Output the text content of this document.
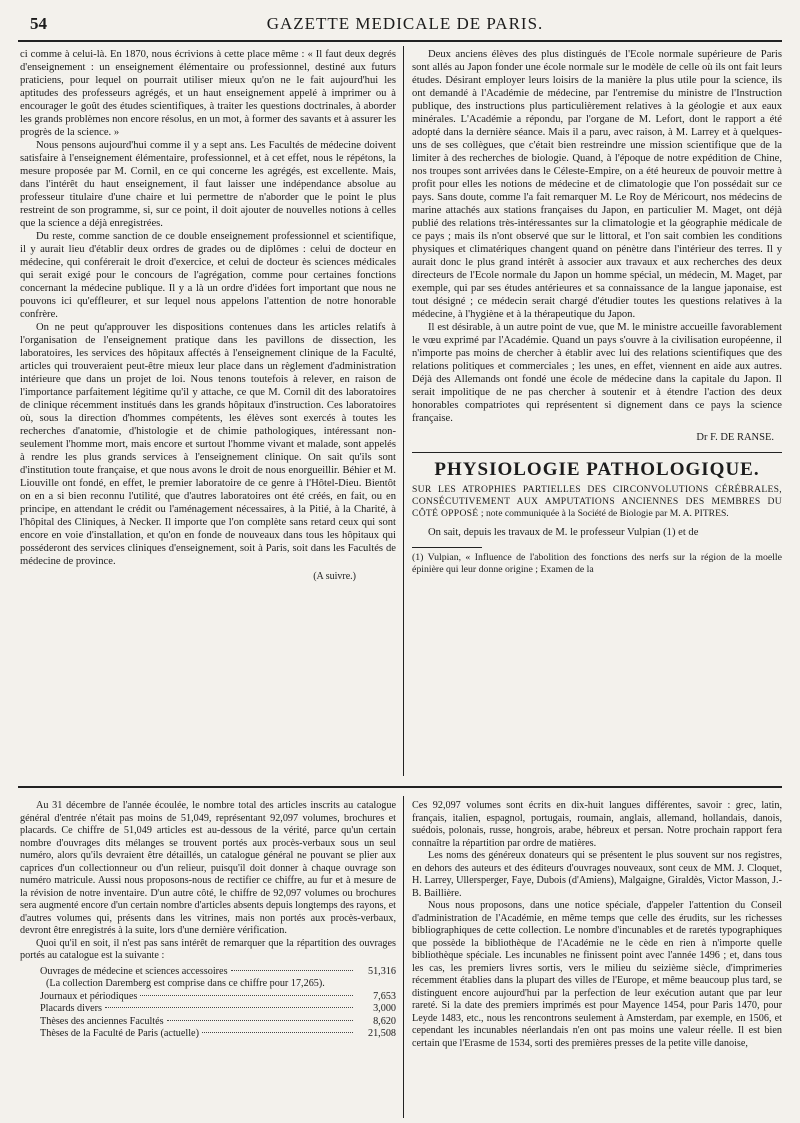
54	GAZETTE MEDICALE DE PARIS.

ci comme à celui-là. En 1870, nous écrivions à cette place même : « Il faut deux degrés d'enseignement : un enseignement élémentaire ou professionnel, destiné aux futurs praticiens, pour lequel on pourrait utiliser mieux qu'on ne le fait aujourd'hui les aptitudes des professeurs agrégés, et un haut enseignement appelé à imprimer ou à encourager le goût des études scientifiques, à traiter les questions doctrinales, à aborder les grands problèmes non encore résolus, en un mot, à former des savants et à assurer les progrès de la science. »

Nous pensons aujourd'hui comme il y a sept ans. Les Facultés de médecine doivent satisfaire à l'enseignement élémentaire, professionnel, et à cet effet, nous le répétons, la mesure proposée par M. Cornil, en ce qui concerne les agrégés, est excellente. Mais, dans l'intérêt du haut enseignement, il faut laisser une indépendance absolue au professeur titulaire d'une chaire et lui permettre de n'aborder que le point le plus restreint de son programme, si, sur ce point, il doit ajouter de nouvelles notions à celles que la science a déjà enregistrées.

Du reste, comme sanction de ce double enseignement professionnel et scientifique, il y aurait lieu d'établir deux ordres de grades ou de diplômes : celui de docteur en médecine, qui conférerait le droit d'exercice, et celui de docteur ès sciences médicales qui serait exigé pour le concours de l'agrégation, comme pour certaines fonctions concernant la médecine publique. Il y a là un ordre d'idées fort important que nous ne pouvons ici qu'effleurer, et sur lequel nous appelons l'attention de notre honorable confrère.

On ne peut qu'approuver les dispositions contenues dans les articles relatifs à l'organisation de l'enseignement pratique dans les pavillons de dissection, les laboratoires, les services des hôpitaux affectés à l'enseignement clinique de la Faculté, articles qui trouveraient peut-être mieux leur place dans un règlement d'administration intérieure que dans un projet de loi. Nous tenons toutefois à relever, en raison de l'importance parfaitement légitime qu'il y attache, ce que M. Cornil dit des laboratoires de clinique récemment institués dans les grands hôpitaux d'instruction. Ces laboratoires où, sous la direction d'hommes compétents, les élèves sont exercés à toutes les recherches d'anatomie, d'histologie et de chimie pathologiques, intéressant non-seulement l'homme mort, mais encore et surtout l'homme vivant et malade, sont appelés à rendre les plus grands services à l'enseignement clinique. On sait qu'ils sont d'institution toute française, et que nous avons le droit de nous enorgueillir. Béhier et M. Liouville ont fondé, en effet, le premier laboratoire de ce genre à l'Hôtel-Dieu. Bientôt on en a si bien reconnu l'utilité, que d'autres laboratoires ont été créés, en fait, ou en principe, en attendant le crédit ou l'aménagement nécessaires, à la Pitié, à la Charité, à l'hôpital des Cliniques, à Necker. Il importe que l'on complète sans retard ceux qui sont encore en voie d'installation, et qu'on en fonde de nouveaux dans tous les hôpitaux qui posséderont des services cliniques d'enseignement, soit à Paris, soit dans les Facultés de médecine de province.

(A suivre.)

Deux anciens élèves des plus distingués de l'Ecole normale supérieure de Paris sont allés au Japon fonder une école normale sur le modèle de celle où ils ont fait leurs études. Désirant employer leurs loisirs de la manière la plus utile pour la science, ils ont demandé à l'Académie de médecine, par l'entremise du ministre de l'Instruction publique, des instructions plus particulièrement relatives à la géologie et aux eaux minérales. L'Académie a répondu, par l'organe de M. Lefort, dont le rapport a été adopté dans la dernière séance. Mais il a paru, avec raison, à M. Larrey et à quelques-uns de ses collègues, que c'était bien restreindre une mission scientifique que de la limiter à des recherches de biologie. Quand, à l'époque de notre expédition de Chine, nos troupes sont arrivées dans le Céleste-Empire, on a été heureux de pouvoir mettre à profit pour elles les notions de médecine et de climatologie que l'on possédait sur ce pays. Sans doute, comme l'a fait remarquer M. Le Roy de Méricourt, nos médecins de marine attachés aux stations françaises du Japon, en particulier M. Maget, ont déjà publié des relations très-intéressantes sur la climatologie et la géographie médicale de ce pays ; mais ils n'ont observé que sur le littoral, et l'on sait combien les conditions physiques et climatériques changent quand on pénètre dans l'intérieur des terres. Il y aurait donc le plus grand intérêt à associer aux travaux et aux recherches des deux directeurs de l'Ecole normale du Japon un homme spécial, un médecin, M. Maget, par exemple, qui par ses études antérieures et sa connaissance de la langue japonaise, est tout désigné ; ce médecin serait chargé d'étudier toutes les questions relatives à la médecine, à l'hygiène et à la thérapeutique du Japon.

Il est désirable, à un autre point de vue, que M. le ministre accueille favorablement le vœu exprimé par l'Académie. Quand un pays s'ouvre à la civilisation européenne, il n'importe pas moins de chercher à établir avec lui des relations scientifiques que des relations politiques et commerciales ; les unes, en effet, viennent en aide aux autres. Déjà des Allemands ont fondé une école de médecine dans la capitale du Japon. Il serait impolitique de ne pas chercher à soutenir et à étendre l'action des deux honorables compatriotes qui représentent si dignement dans ce pays la science française.

Dr F. DE RANSE.
PHYSIOLOGIE PATHOLOGIQUE.
SUR LES ATROPHIES PARTIELLES DES CIRCONVOLUTIONS CÉRÉBRALES, CONSÉCUTIVEMENT AUX AMPUTATIONS ANCIENNES DES MEMBRES DU CÔTÉ OPPOSÉ ; note communiquée à la Société de Biologie par M. A. PITRES.

On sait, depuis les travaux de M. le professeur Vulpian (1) et de

(1) Vulpian, « Influence de l'abolition des fonctions des nerfs sur la région de la moelle épinière qui leur donne origine ; Examen de la

Au 31 décembre de l'année écoulée, le nombre total des articles inscrits au catalogue général d'entrée n'était pas moins de 51,049, représentant 92,097 volumes, brochures et placards. Ce chiffre de 51,049 articles est au-dessous de la vérité, parce qu'un certain nombre d'ouvrages dits mélanges se trouvent portés aux procès-verbaux sous un seul numéro, alors qu'ils devraient être détaillés, un catalogue général ne pouvant se plier aux caprices d'un collectionneur ou d'un relieur, puisqu'il doit donner à chaque ouvrage son numéro matricule. Aussi nous proposons-nous de rectifier ce chiffre, au fur et à mesure de la révision de notre inventaire. D'un autre côté, le chiffre de 92,097 volumes ou brochures sera augmenté encore d'un certain nombre d'articles absents depuis longtemps des rayons, et d'autres volumes qui, présents dans les vitrines, mais non portés aux procès-verbaux, devront être enregistrés à la suite, lors d'une dernière vérification.

Quoi qu'il en soit, il n'est pas sans intérêt de remarquer que la répartition des ouvrages portés au catalogue est la suivante :

Ouvrages de médecine et sciences accessoires	51,316
(La collection Daremberg est comprise dans ce chiffre pour 17,265).
Journaux et périodiques	7,653
Placards divers	3,000
Thèses des anciennes Facultés	8,620
Thèses de la Faculté de Paris (actuelle)	21,508

Ces 92,097 volumes sont écrits en dix-huit langues différentes, savoir : grec, latin, français, italien, espagnol, portugais, roumain, anglais, allemand, hollandais, danois, suédois, polonais, russe, hongrois, arabe, hébreux et persan. Notre prochain rapport fera connaître la répartition par ordre de matières.

Les noms des généreux donateurs qui se présentent le plus souvent sur nos registres, en dehors des auteurs et des éditeurs d'ouvrages nouveaux, sont ceux de MM. J. Cloquet, H. Larrey, Ullersperger, Faye, Dubois (d'Amiens), Malgaigne, Giraldès, Victor Masson, J.-B. Baillière.

Nous nous proposons, dans une notice spéciale, d'appeler l'attention du Conseil d'administration de l'Académie, en même temps que celle des érudits, sur les richesses bibliographiques de cette collection. Le nombre d'incunables et de raretés typographiques que possède la bibliothèque de l'Académie ne le cède en rien à n'importe quelle bibliothèque spéciale. Les incunables ne finissent point avec l'année 1496 ; et, dans tous les cas, les premiers livres sortis, vers le milieu du seizième siècle, d'imprimeries récemment établies dans la plupart des villes de l'Europe, et même beaucoup plus tard, se distinguent encore aujourd'hui par la perfection de leur exécution autant que par leur rareté. Si la date des premiers imprimés est pour Mayence 1454, pour Paris 1470, pour Leyde 1483, etc., nous les rencontrons seulement à Amsterdam, par exemple, en 1506, et cependant les incunables néerlandais n'en ont pas moins une valeur réelle. Il est bien certain que l'Erasme de 1534, sorti des premières presses de la petite ville danoise,
